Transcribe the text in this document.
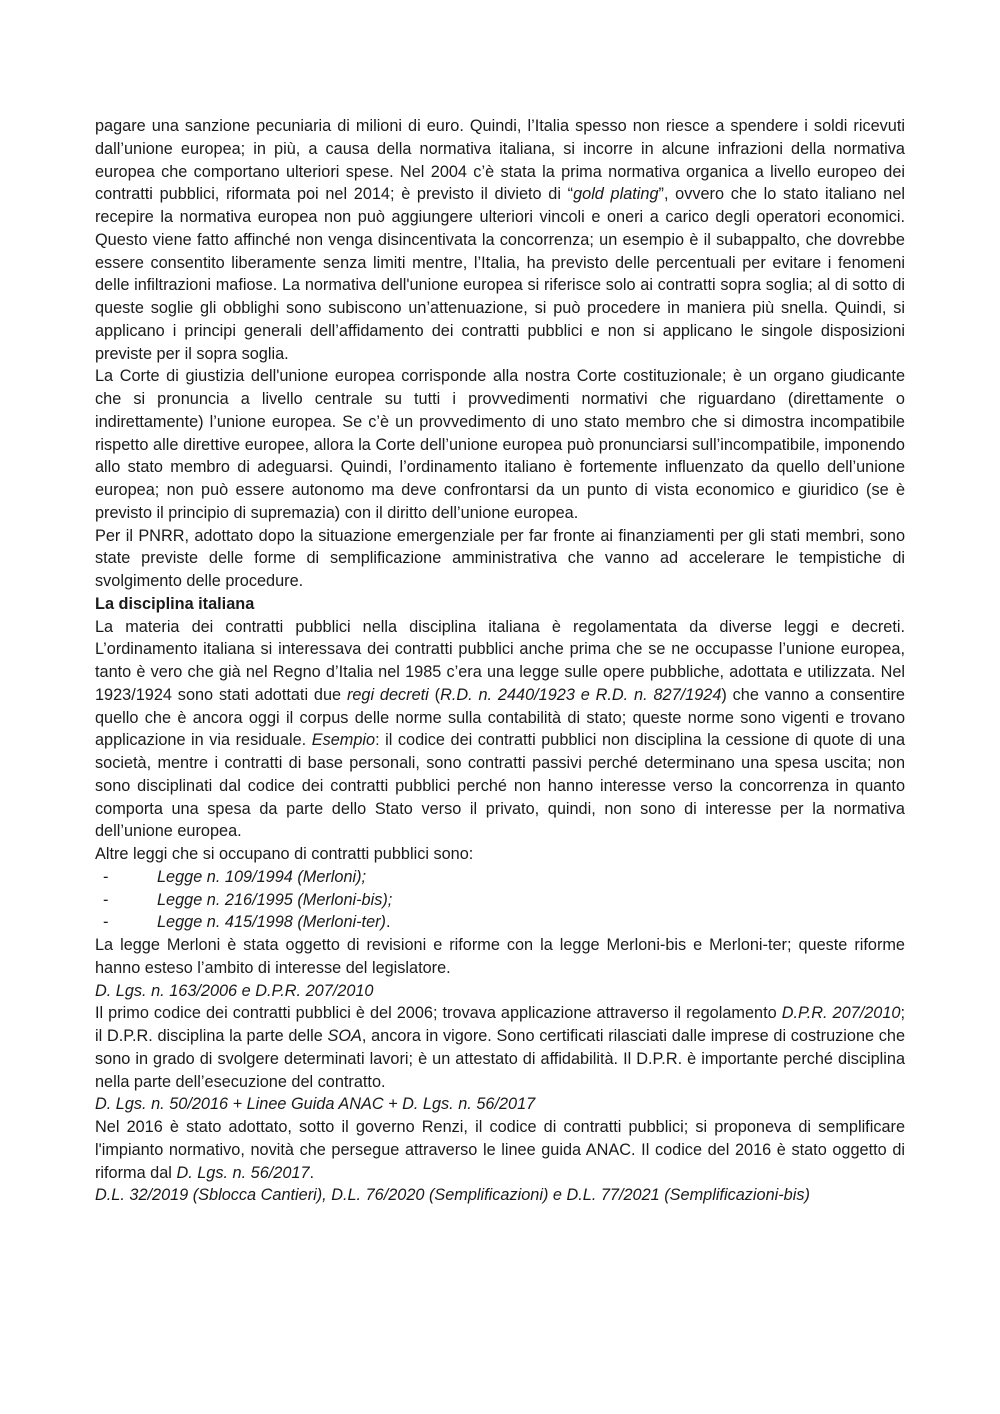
pagare una sanzione pecuniaria di milioni di euro. Quindi, l’Italia spesso non riesce a spendere i soldi ricevuti dall’unione europea; in più, a causa della normativa italiana, si incorre in alcune infrazioni della normativa europea che comportano ulteriori spese. Nel 2004 c’è stata la prima normativa organica a livello europeo dei contratti pubblici, riformata poi nel 2014; è previsto il divieto di “gold plating”, ovvero che lo stato italiano nel recepire la normativa europea non può aggiungere ulteriori vincoli e oneri a carico degli operatori economici. Questo viene fatto affinché non venga disincentivata la concorrenza; un esempio è il subappalto, che dovrebbe essere consentito liberamente senza limiti mentre, l’Italia, ha previsto delle percentuali per evitare i fenomeni delle infiltrazioni mafiose. La normativa dell'unione europea si riferisce solo ai contratti sopra soglia; al di sotto di queste soglie gli obblighi sono subiscono un’attenuazione, si può procedere in maniera più snella. Quindi, si applicano i principi generali dell’affidamento dei contratti pubblici e non si applicano le singole disposizioni previste per il sopra soglia.

La Corte di giustizia dell'unione europea corrisponde alla nostra Corte costituzionale; è un organo giudicante che si pronuncia a livello centrale su tutti i provvedimenti normativi che riguardano (direttamente o indirettamente) l’unione europea. Se c’è un provvedimento di uno stato membro che si dimostra incompatibile rispetto alle direttive europee, allora la Corte dell’unione europea può pronunciarsi sull’incompatibile, imponendo allo stato membro di adeguarsi. Quindi, l’ordinamento italiano è fortemente influenzato da quello dell’unione europea; non può essere autonomo ma deve confrontarsi da un punto di vista economico e giuridico (se è previsto il principio di supremazia) con il diritto dell’unione europea.

Per il PNRR, adottato dopo la situazione emergenziale per far fronte ai finanziamenti per gli stati membri, sono state previste delle forme di semplificazione amministrativa che vanno ad accelerare le tempistiche di svolgimento delle procedure.

La disciplina italiana

La materia dei contratti pubblici nella disciplina italiana è regolamentata da diverse leggi e decreti. L’ordinamento italiana si interessava dei contratti pubblici anche prima che se ne occupasse l’unione europea, tanto è vero che già nel Regno d’Italia nel 1985 c’era una legge sulle opere pubbliche, adottata e utilizzata. Nel 1923/1924 sono stati adottati due regi decreti (R.D. n. 2440/1923 e R.D. n. 827/1924) che vanno a consentire quello che è ancora oggi il corpus delle norme sulla contabilità di stato; queste norme sono vigenti e trovano applicazione in via residuale. Esempio: il codice dei contratti pubblici non disciplina la cessione di quote di una società, mentre i contratti di base personali, sono contratti passivi perché determinano una spesa uscita; non sono disciplinati dal codice dei contratti pubblici perché non hanno interesse verso la concorrenza in quanto comporta una spesa da parte dello Stato verso il privato, quindi, non sono di interesse per la normativa dell’unione europea.

Altre leggi che si occupano di contratti pubblici sono:

-	Legge n. 109/1994 (Merloni);
-	Legge n. 216/1995 (Merloni-bis);
-	Legge n. 415/1998 (Merloni-ter).

La legge Merloni è stata oggetto di revisioni e riforme con la legge Merloni-bis e Merloni-ter; queste riforme hanno esteso l’ambito di interesse del legislatore.

D. Lgs. n. 163/2006 e D.P.R. 207/2010

Il primo codice dei contratti pubblici è del 2006; trovava applicazione attraverso il regolamento D.P.R. 207/2010; il D.P.R. disciplina la parte delle SOA, ancora in vigore. Sono certificati rilasciati dalle imprese di costruzione che sono in grado di svolgere determinati lavori; è un attestato di affidabilità. Il D.P.R. è importante perché disciplina nella parte dell’esecuzione del contratto.

D. Lgs. n. 50/2016 + Linee Guida ANAC + D. Lgs. n. 56/2017

Nel 2016 è stato adottato, sotto il governo Renzi, il codice di contratti pubblici; si proponeva di semplificare l'impianto normativo, novità che persegue attraverso le linee guida ANAC. Il codice del 2016 è stato oggetto di riforma dal D. Lgs. n. 56/2017.

D.L. 32/2019 (Sblocca Cantieri), D.L. 76/2020 (Semplificazioni) e D.L. 77/2021 (Semplificazioni-bis)
